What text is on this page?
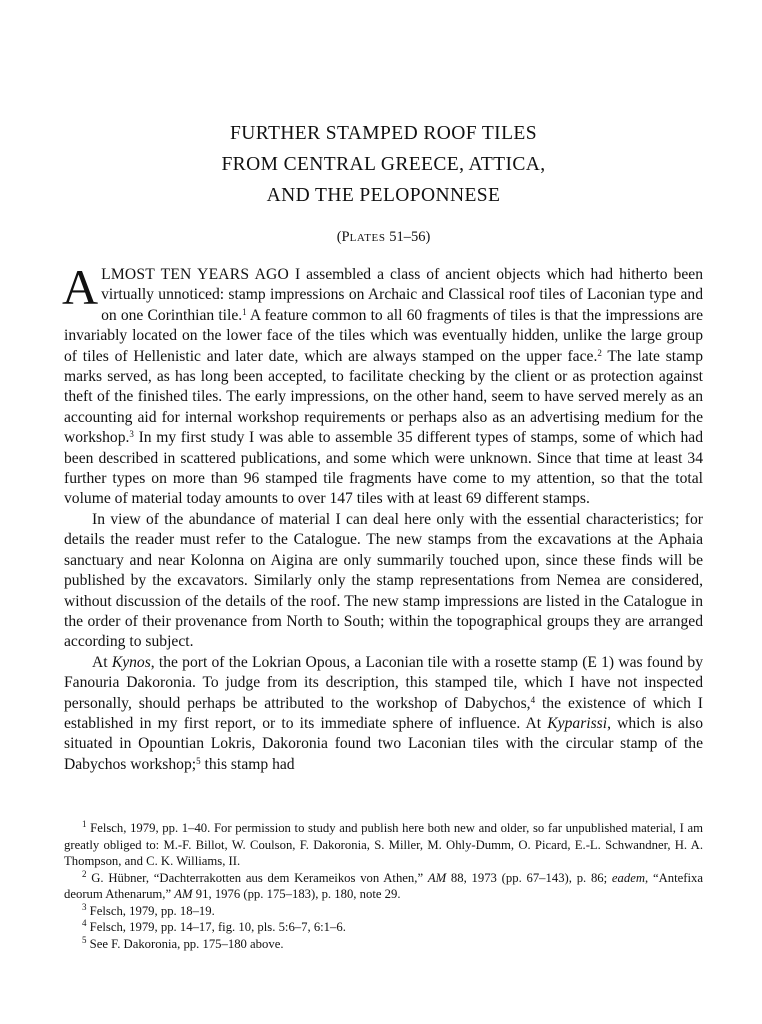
FURTHER STAMPED ROOF TILES
FROM CENTRAL GREECE, ATTICA,
AND THE PELOPONNESE
(PLATES 51–56)

ALMOST TEN YEARS AGO I assembled a class of ancient objects which had hitherto been virtually unnoticed: stamp impressions on Archaic and Classical roof tiles of Laconian type and on one Corinthian tile.$^1$ A feature common to all 60 fragments of tiles is that the impressions are invariably located on the lower face of the tiles which was eventually hidden, unlike the large group of tiles of Hellenistic and later date, which are always stamped on the upper face.$^2$ The late stamp marks served, as has long been accepted, to facilitate checking by the client or as protection against theft of the finished tiles. The early impressions, on the other hand, seem to have served merely as an accounting aid for internal workshop requirements or perhaps also as an advertising medium for the workshop.$^3$ In my first study I was able to assemble 35 different types of stamps, some of which had been described in scattered publications, and some which were unknown. Since that time at least 34 further types on more than 96 stamped tile fragments have come to my attention, so that the total volume of material today amounts to over 147 tiles with at least 69 different stamps.

In view of the abundance of material I can deal here only with the essential characteristics; for details the reader must refer to the Catalogue. The new stamps from the excavations at the Aphaia sanctuary and near Kolonna on Aigina are only summarily touched upon, since these finds will be published by the excavators. Similarly only the stamp representations from Nemea are considered, without discussion of the details of the roof. The new stamp impressions are listed in the Catalogue in the order of their provenance from North to South; within the topographical groups they are arranged according to subject.

At Kynos, the port of the Lokrian Opous, a Laconian tile with a rosette stamp (E 1) was found by Fanouria Dakoronia. To judge from its description, this stamped tile, which I have not inspected personally, should perhaps be attributed to the workshop of Dabychos,$^4$ the existence of which I established in my first report, or to its immediate sphere of influence. At Kyparissi, which is also situated in Opountian Lokris, Dakoronia found two Laconian tiles with the circular stamp of the Dabychos workshop;$^5$ this stamp had

$^1$ Felsch, 1979, pp. 1–40. For permission to study and publish here both new and older, so far unpublished material, I am greatly obliged to: M.-F. Billot, W. Coulson, F. Dakoronia, S. Miller, M. Ohly-Dumm, O. Picard, E.-L. Schwandner, H. A. Thompson, and C. K. Williams, II.

$^2$ G. Hübner, “Dachterrakotten aus dem Kerameikos von Athen,” AM 88, 1973 (pp. 67–143), p. 86; eadem, “Antefixa deorum Athenarum,” AM 91, 1976 (pp. 175–183), p. 180, note 29.

$^3$ Felsch, 1979, pp. 18–19.

$^4$ Felsch, 1979, pp. 14–17, fig. 10, pls. 5:6–7, 6:1–6.

$^5$ See F. Dakoronia, pp. 175–180 above.
